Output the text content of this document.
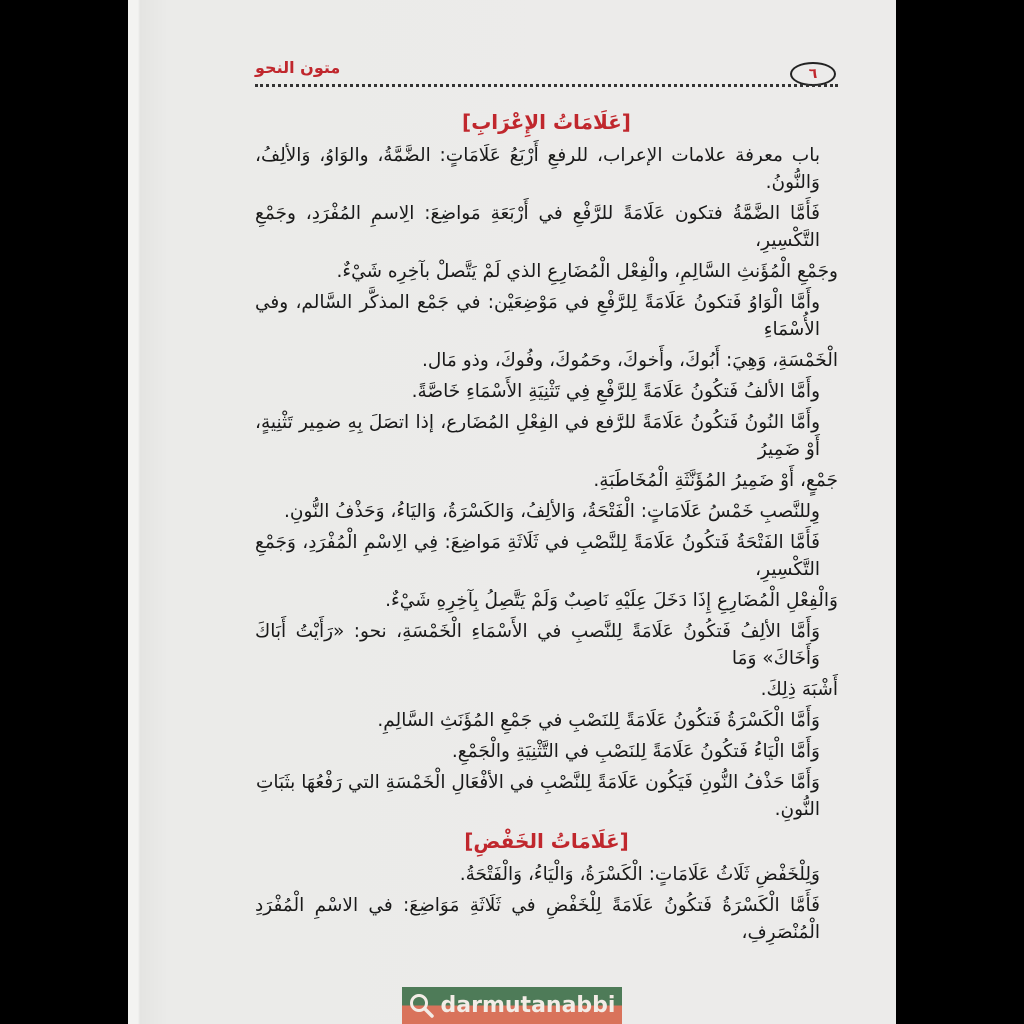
متون النحو	٦
[عَلَامَاتُ الإِعْرَابِ]
باب معرفة علامات الإعراب، للرفعِ أَرْبَعُ عَلَامَاتٍ: الضَّمَّةُ، والوَاوُ، وَالألِفُ، وَالنُّونُ.
فَأَمَّا الضَّمَّةُ فتكون عَلَامَةً للرَّفْعِ في أَرْبَعَةِ مَواضِعَ: الِاسمِ المُفْرَدِ، وجَمْعِ التَّكْسِيرِ،
وجَمْعِ الْمُؤَنثِ السَّالِمِ، والْفِعْل الْمُضَارِعِ الذي لَمْ يَتَّصلْ بآخِرِه شَيْءٌ.
وأَمَّا الْوَاوُ فَتكونُ عَلَامَةً لِلرَّفْعِ في مَوْضِعَيْن: في جَمْع المذكَّر السَّالم، وفي الأُسْمَاءِ
الْخَمْسَةِ، وَهِيَ: أَبُوكَ، وأَخوكَ، وحَمُوكَ، وفُوكَ، وذو مَال.
وأَمَّا الألفُ فَتكُونُ عَلَامَةً لِلرَّفْعِ فِي تَثْنِيَةِ الأَسْمَاءِ خَاصَّةً.
وأَمَّا النُونُ فَتكُونُ عَلَامَةً للرَّفع في الفِعْلِ المُضَارع، إذا اتصَلَ بِهِ ضمِير تَثْنِيةٍ، أَوْ ضَمِيرُ
جَمْعٍ، أَوْ ضَمِيرُ المُؤَنَّثَةِ الْمُخَاطَبَةِ.
وِللنَّصبِ خَمْسُ عَلَامَاتٍ: الْفَتْحَةُ، وَالألِفُ، وَالكَسْرَةُ، وَاليَاءُ، وَحَذْفُ النُّونِ.
فَأَمَّا الفَتْحَةُ فَتكُونُ عَلَامَةً لِلنَّصْبِ في ثَلَاثَةِ مَواضِعَ: فِي الِاسْمِ الْمُفْرَدِ، وَجَمْعِ التَّكْسِيرِ،
وَالْفِعْلِ الْمُضَارِعِ إِذَا دَخَلَ عِلَيْهِ نَاصِبٌ وَلَمْ يَتَّصِلُ بِآخِرِهِ شَيْءٌ.
وَأَمَّا الألِفُ فَتكُونُ عَلَامَةً لِلنَّصبِ في الأَسْمَاءِ الْخَمْسَةِ، نحو: «رَأَيْتُ أَبَاكَ وَأَخَاكَ» وَمَا
أَشْبَهَ ذِلِكَ.
وَأَمَّا الْكَسْرَةُ فَتكُونُ عَلَامَةً لِلنَصْبِ في جَمْعِ المُؤَنَثِ السَّالِمِ.
وَأَمَّا الْيَاءُ فَتكُونُ عَلَامَةً لِلنَصْبِ في التَّثْنِيَةِ والْجَمْعِ.
وَأَمَّا حَذْفُ النُّونِ فَيَكُون عَلَامَةً لِلنَّصْبِ في الأفْعَالِ الْخَمْسَةِ التي رَفْعُهَا بثَبَاتِ النُّونِ.
[عَلَامَاتُ الخَفْضِ]
وَلِلْخَفْضِ ثَلَاثُ عَلَامَاتٍ: الْكَسْرَةُ، وَالْيَاءُ، وَالْفَتْحَةُ.
فَأَمَّا الْكَسْرَةُ فَتكُونُ عَلَامَةً لِلْخَفْضِ في ثَلَاثَةِ مَوَاضِعَ: في الاسْمِ الْمُفْرَدِ الْمُنْصَرِفِ،
darmutanabbi
